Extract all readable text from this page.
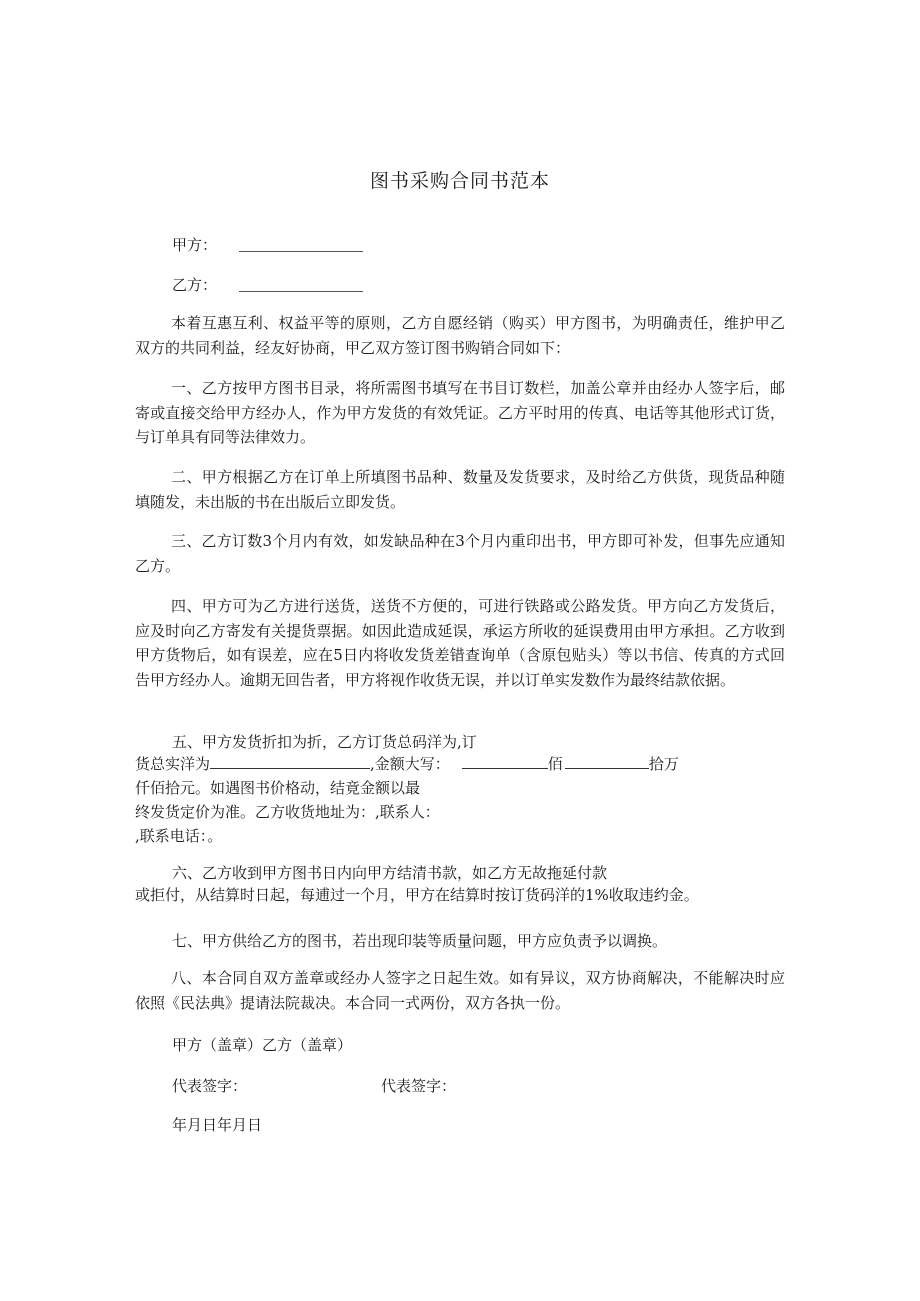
图书采购合同书范本
甲方：
乙方：

本着互惠互利、权益平等的原则，乙方自愿经销（购买）甲方图书，为明确责任，维护甲乙双方的共同利益，经友好协商，甲乙双方签订图书购销合同如下：

一、乙方按甲方图书目录，将所需图书填写在书目订数栏，加盖公章并由经办人签字后，邮寄或直接交给甲方经办人，作为甲方发货的有效凭证。乙方平时用的传真、电话等其他形式订货，与订单具有同等法律效力。

二、甲方根据乙方在订单上所填图书品种、数量及发货要求，及时给乙方供货，现货品种随填随发，未出版的书在出版后立即发货。

三、乙方订数3个月内有效，如发缺品种在3个月内重印出书，甲方即可补发，但事先应通知乙方。

四、甲方可为乙方进行送货，送货不方便的，可进行铁路或公路发货。甲方向乙方发货后，应及时向乙方寄发有关提货票据。如因此造成延误，承运方所收的延误费用由甲方承担。乙方收到甲方货物后，如有误差，应在5日内将收发货差错查询单（含原包贴头）等以书信、传真的方式回告甲方经办人。逾期无回告者，甲方将视作收货无误，并以订单实发数作为最终结款依据。

五、甲方发货折扣为折，乙方订货总码洋为,订
货总实洋为	,金额大写：	佰	拾万
仟佰拾元。如遇图书价格动，结竟金额以最
终发货定价为准。乙方收货地址为：,联系人：
,联系电话：。
六、乙方收到甲方图书日内向甲方结清书款，如乙方无故拖延付款
或拒付，从结算时日起，每逋过一个月，甲方在结算时按订货码洋的1%收取违约金。
七、甲方供给乙方的图书，若出现印装等质量问题，甲方应负责予以调换。

八、本合同自双方盖章或经办人签字之日起生效。如有异议，双方协商解决，不能解决时应依照《民法典》提请法院裁决。本合同一式两份，双方各执一份。

甲方（盖章）乙方（盖章）
代表签字：	代表签字：
年月日年月日
